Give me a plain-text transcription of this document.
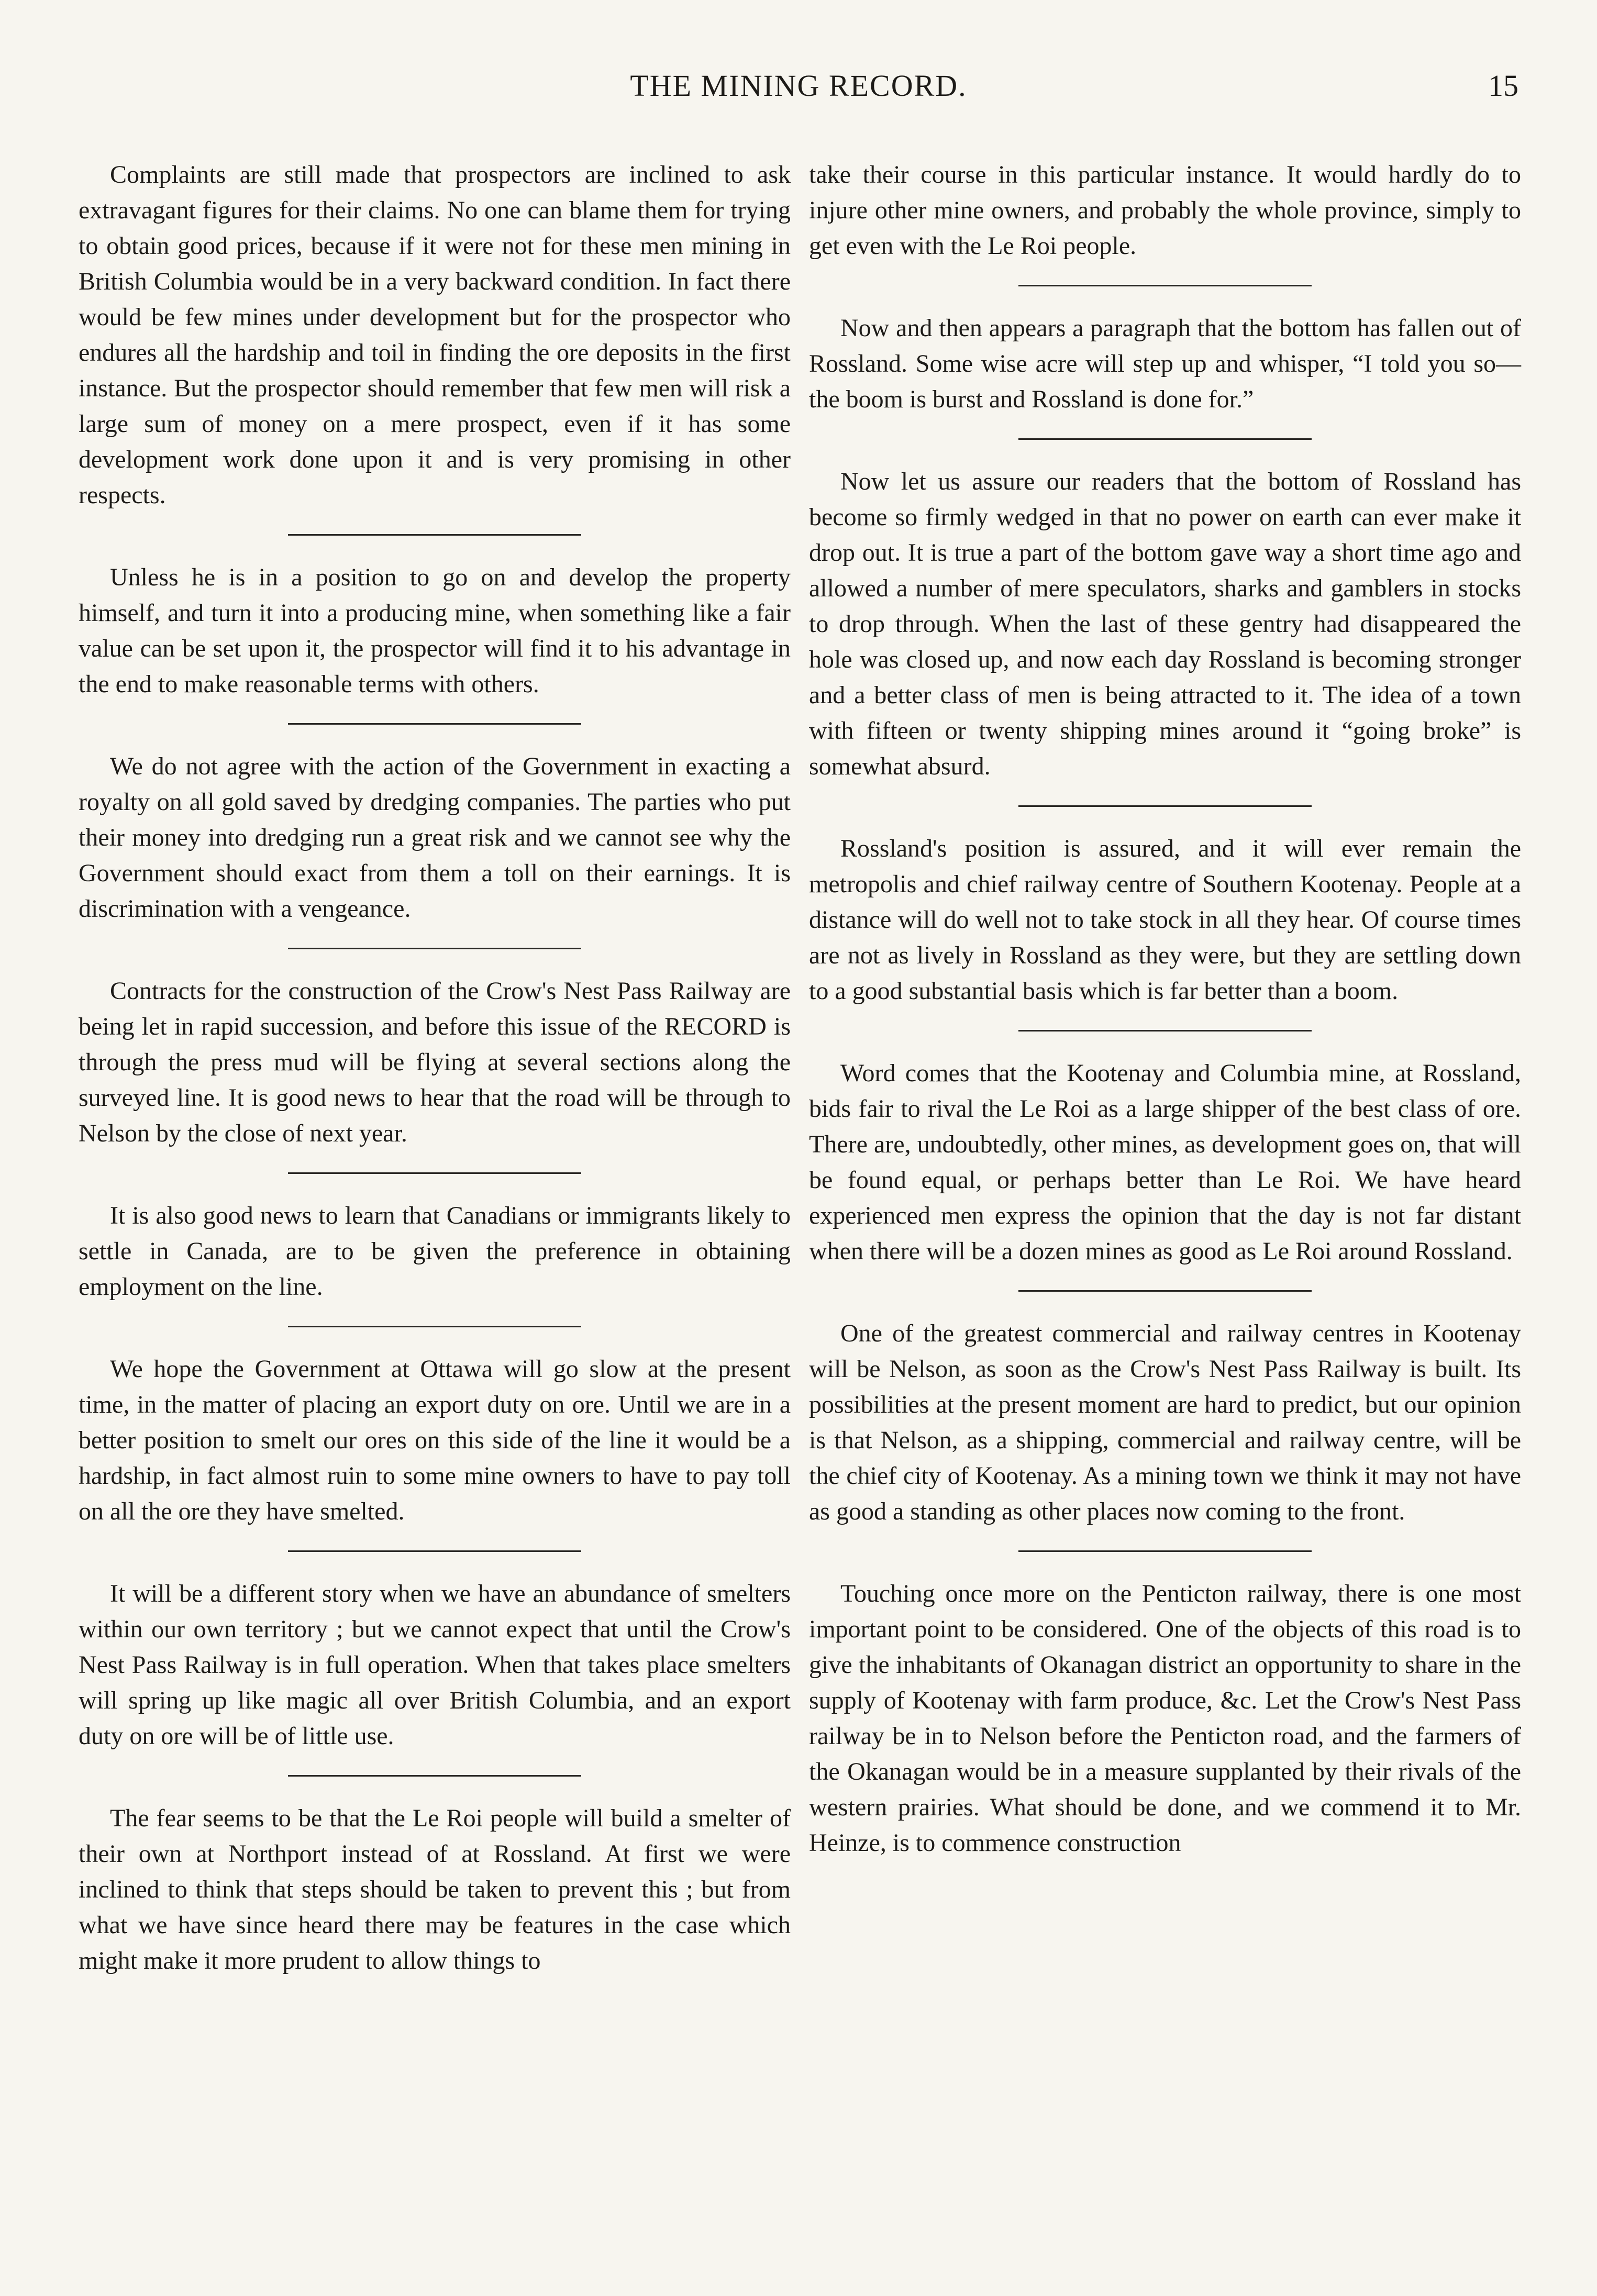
THE MINING RECORD.	15

Complaints are still made that prospectors are inclined to ask extravagant figures for their claims. No one can blame them for trying to obtain good prices, because if it were not for these men mining in British Columbia would be in a very backward condition. In fact there would be few mines under development but for the prospector who endures all the hardship and toil in finding the ore deposits in the first instance. But the prospector should remember that few men will risk a large sum of money on a mere prospect, even if it has some development work done upon it and is very promising in other respects.

Unless he is in a position to go on and develop the property himself, and turn it into a producing mine, when something like a fair value can be set upon it, the prospector will find it to his advantage in the end to make reasonable terms with others.

We do not agree with the action of the Government in exacting a royalty on all gold saved by dredging companies. The parties who put their money into dredging run a great risk and we cannot see why the Government should exact from them a toll on their earnings. It is discrimination with a vengeance.

Contracts for the construction of the Crow's Nest Pass Railway are being let in rapid succession, and before this issue of the RECORD is through the press mud will be flying at several sections along the surveyed line. It is good news to hear that the road will be through to Nelson by the close of next year.

It is also good news to learn that Canadians or immigrants likely to settle in Canada, are to be given the preference in obtaining employment on the line.

We hope the Government at Ottawa will go slow at the present time, in the matter of placing an export duty on ore. Until we are in a better position to smelt our ores on this side of the line it would be a hardship, in fact almost ruin to some mine owners to have to pay toll on all the ore they have smelted.

It will be a different story when we have an abundance of smelters within our own territory ; but we cannot expect that until the Crow's Nest Pass Railway is in full operation. When that takes place smelters will spring up like magic all over British Columbia, and an export duty on ore will be of little use.

The fear seems to be that the Le Roi people will build a smelter of their own at Northport instead of at Rossland. At first we were inclined to think that steps should be taken to prevent this ; but from what we have since heard there may be features in the case which might make it more prudent to allow things to

take their course in this particular instance. It would hardly do to injure other mine owners, and probably the whole province, simply to get even with the Le Roi people.

Now and then appears a paragraph that the bottom has fallen out of Rossland. Some wise acre will step up and whisper, “I told you so—the boom is burst and Rossland is done for.”

Now let us assure our readers that the bottom of Rossland has become so firmly wedged in that no power on earth can ever make it drop out. It is true a part of the bottom gave way a short time ago and allowed a number of mere speculators, sharks and gamblers in stocks to drop through. When the last of these gentry had disappeared the hole was closed up, and now each day Rossland is becoming stronger and a better class of men is being attracted to it. The idea of a town with fifteen or twenty shipping mines around it “going broke” is somewhat absurd.

Rossland's position is assured, and it will ever remain the metropolis and chief railway centre of Southern Kootenay. People at a distance will do well not to take stock in all they hear. Of course times are not as lively in Rossland as they were, but they are settling down to a good substantial basis which is far better than a boom.

Word comes that the Kootenay and Columbia mine, at Rossland, bids fair to rival the Le Roi as a large shipper of the best class of ore. There are, undoubtedly, other mines, as development goes on, that will be found equal, or perhaps better than Le Roi. We have heard experienced men express the opinion that the day is not far distant when there will be a dozen mines as good as Le Roi around Rossland.

One of the greatest commercial and railway centres in Kootenay will be Nelson, as soon as the Crow's Nest Pass Railway is built. Its possibilities at the present moment are hard to predict, but our opinion is that Nelson, as a shipping, commercial and railway centre, will be the chief city of Kootenay. As a mining town we think it may not have as good a standing as other places now coming to the front.

Touching once more on the Penticton railway, there is one most important point to be considered. One of the objects of this road is to give the inhabitants of Okanagan district an opportunity to share in the supply of Kootenay with farm produce, &c. Let the Crow's Nest Pass railway be in to Nelson before the Penticton road, and the farmers of the Okanagan would be in a measure supplanted by their rivals of the western prairies. What should be done, and we commend it to Mr. Heinze, is to commence construction
